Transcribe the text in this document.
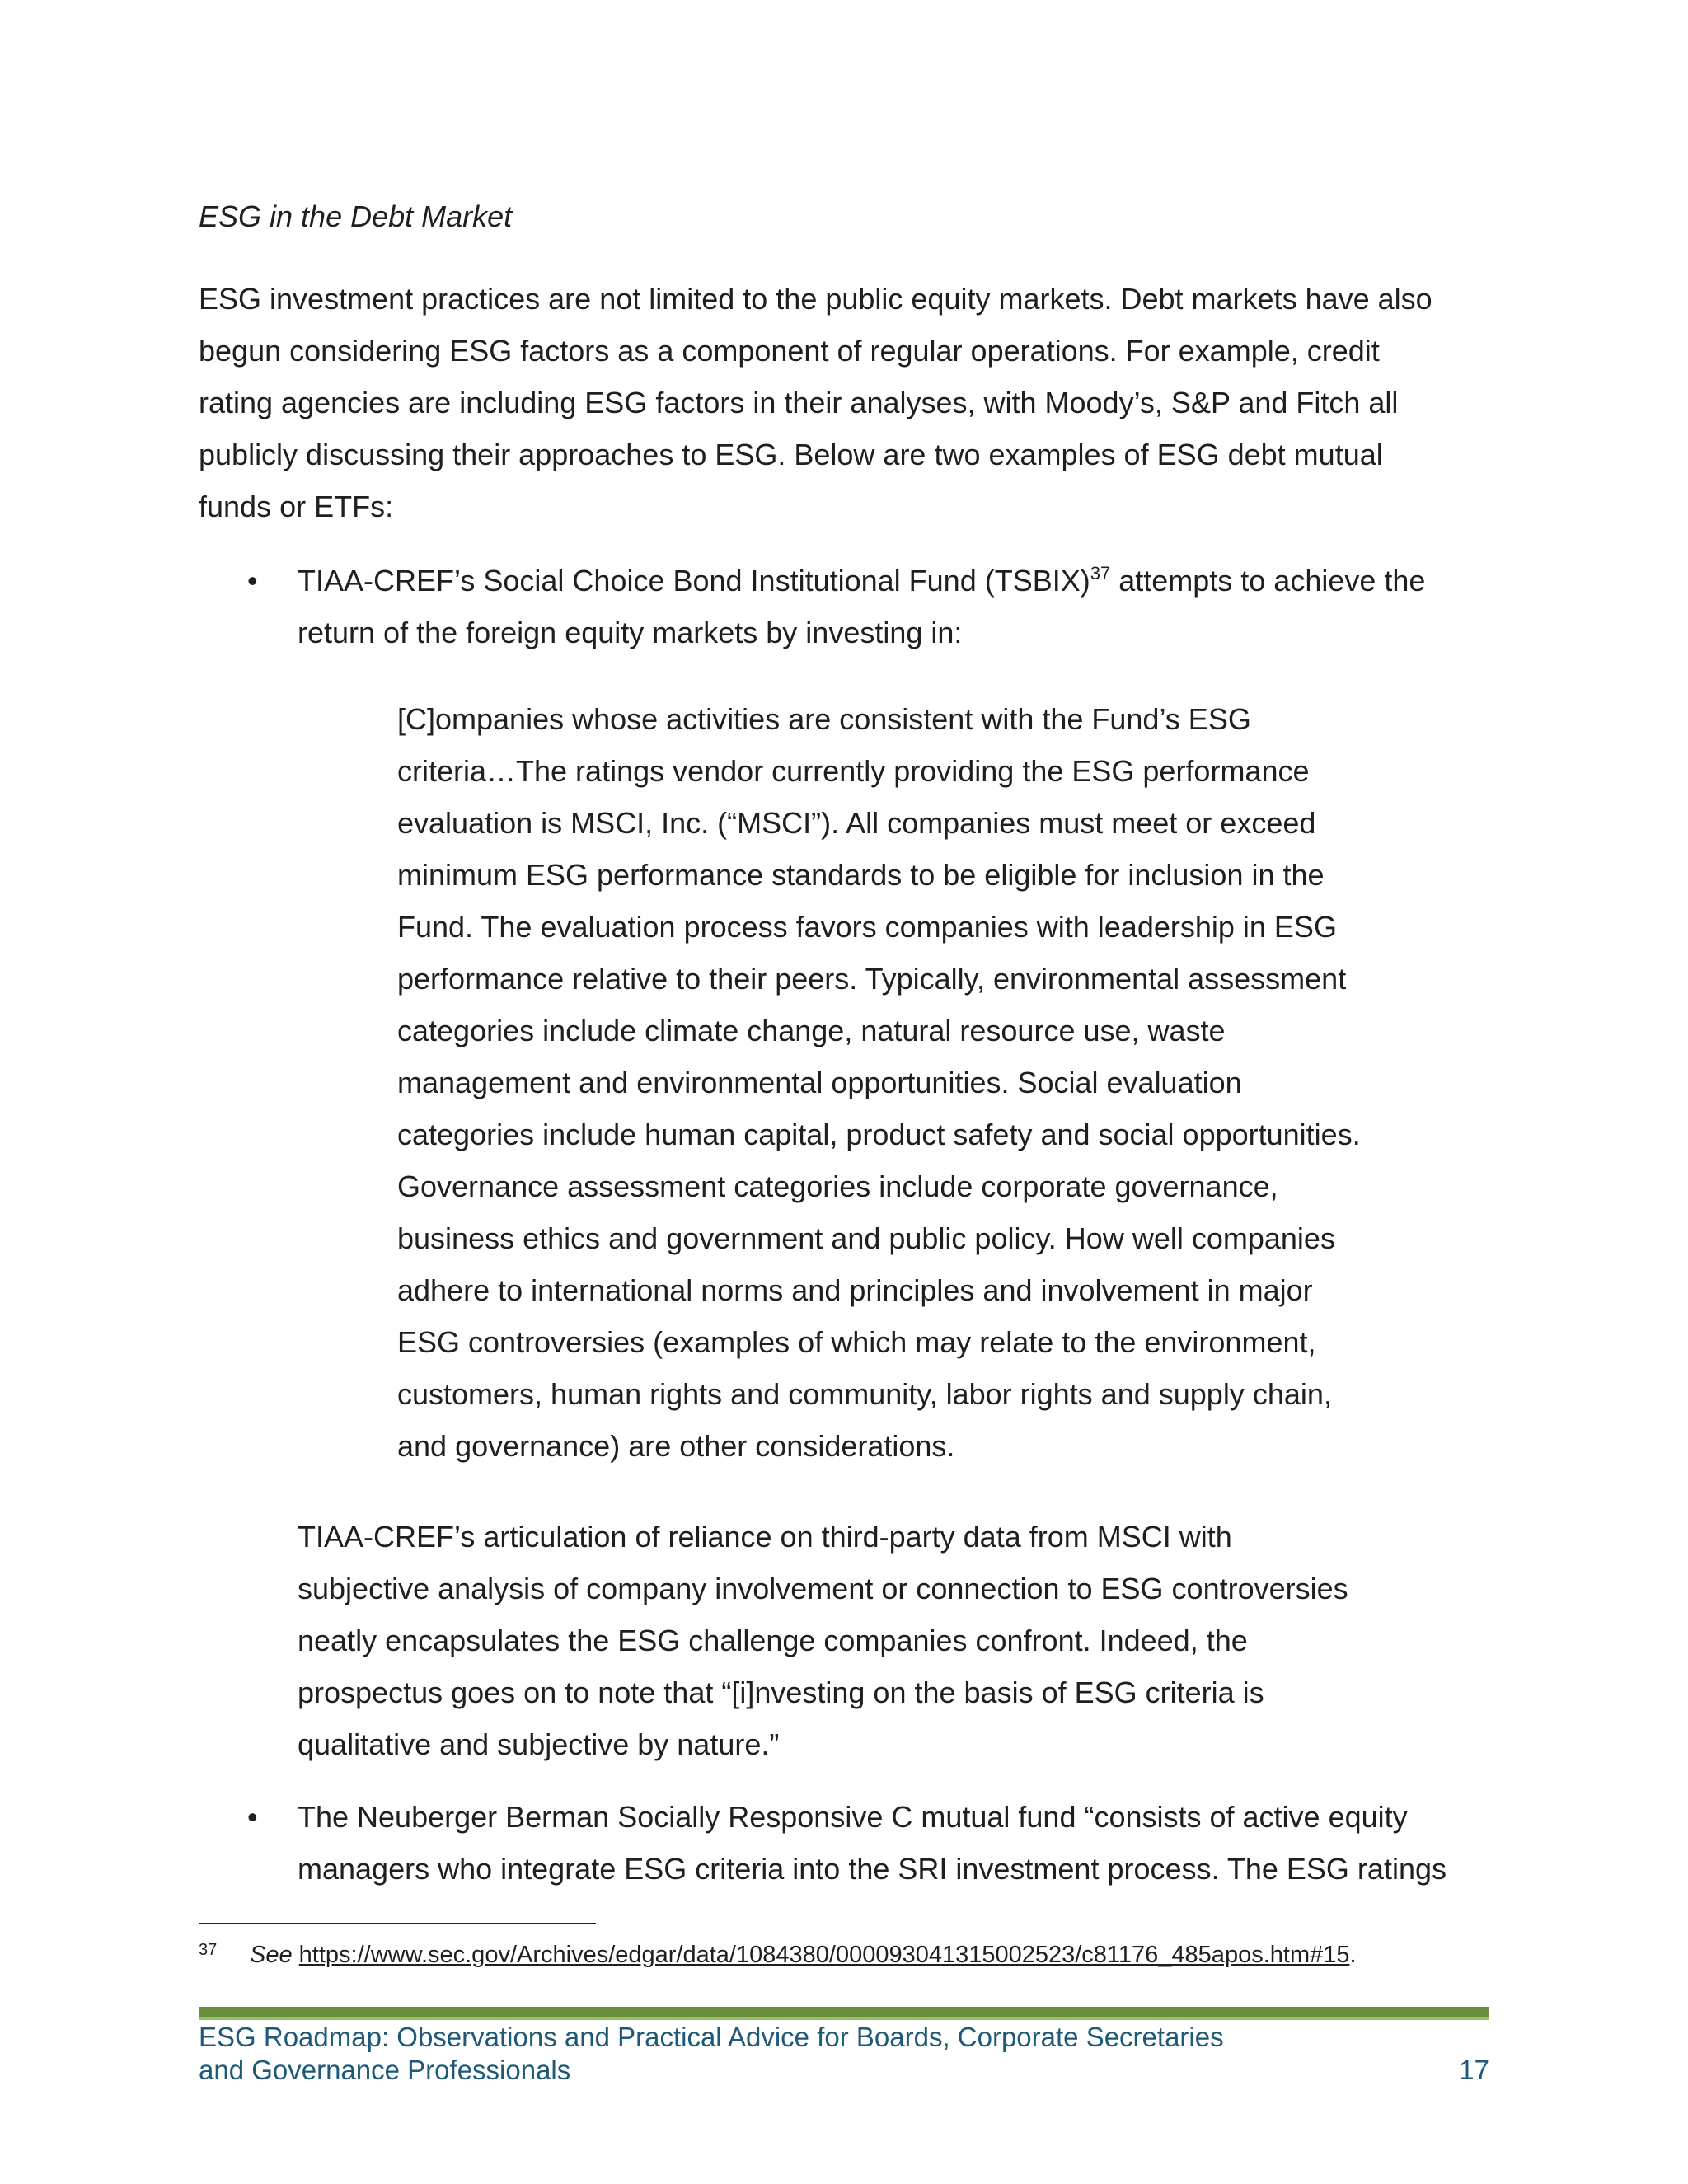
ESG in the Debt Market
ESG investment practices are not limited to the public equity markets. Debt markets have also
begun considering ESG factors as a component of regular operations. For example, credit
rating agencies are including ESG factors in their analyses, with Moody’s, S&P and Fitch all
publicly discussing their approaches to ESG. Below are two examples of ESG debt mutual
funds or ETFs:
• TIAA-CREF’s Social Choice Bond Institutional Fund (TSBIX)$^{37}$ attempts to achieve the
return of the foreign equity markets by investing in:
[C]ompanies whose activities are consistent with the Fund’s ESG
criteria…The ratings vendor currently providing the ESG performance
evaluation is MSCI, Inc. (“MSCI”). All companies must meet or exceed
minimum ESG performance standards to be eligible for inclusion in the
Fund. The evaluation process favors companies with leadership in ESG
performance relative to their peers. Typically, environmental assessment
categories include climate change, natural resource use, waste
management and environmental opportunities. Social evaluation
categories include human capital, product safety and social opportunities.
Governance assessment categories include corporate governance,
business ethics and government and public policy. How well companies
adhere to international norms and principles and involvement in major
ESG controversies (examples of which may relate to the environment,
customers, human rights and community, labor rights and supply chain,
and governance) are other considerations.
TIAA-CREF’s articulation of reliance on third-party data from MSCI with
subjective analysis of company involvement or connection to ESG controversies
neatly encapsulates the ESG challenge companies confront. Indeed, the
prospectus goes on to note that “[i]nvesting on the basis of ESG criteria is
qualitative and subjective by nature.”
• The Neuberger Berman Socially Responsive C mutual fund “consists of active equity
managers who integrate ESG criteria into the SRI investment process. The ESG ratings
37 See https://www.sec.gov/Archives/edgar/data/1084380/000093041315002523/c81176_485apos.htm#15.
ESG Roadmap: Observations and Practical Advice for Boards, Corporate Secretaries
and Governance Professionals	17
